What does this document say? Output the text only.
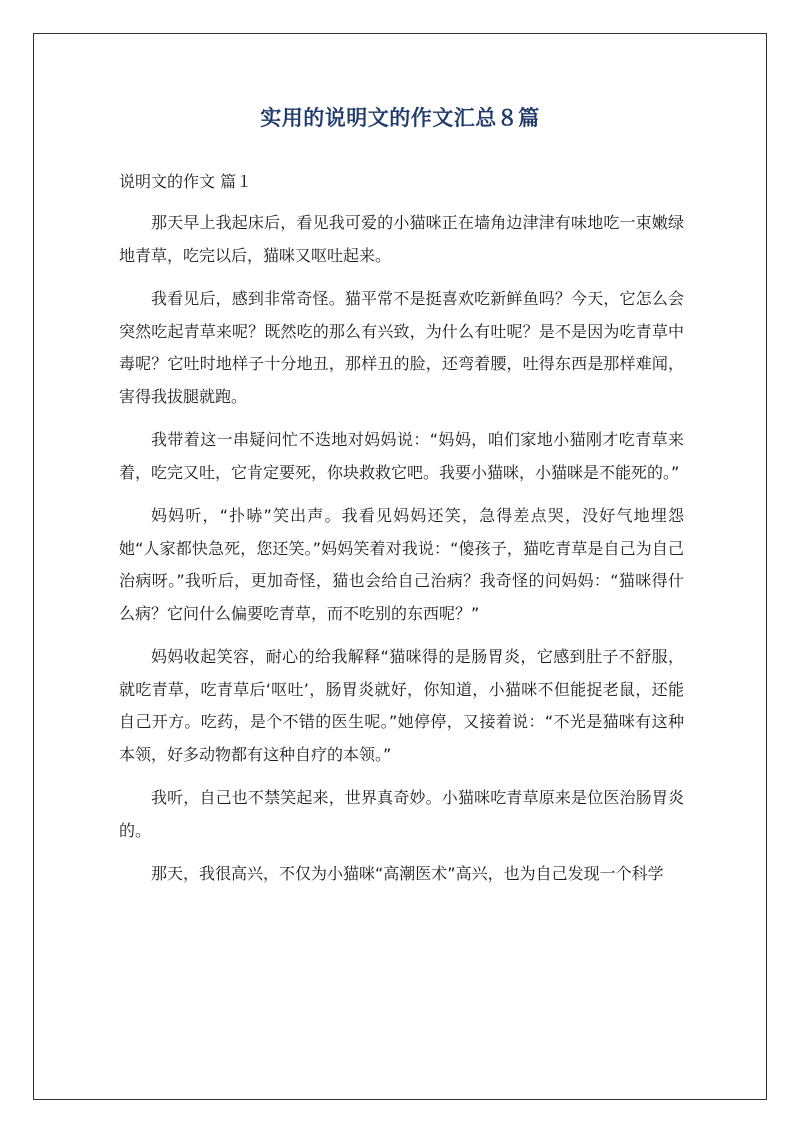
实用的说明文的作文汇总８篇

说明文的作文 篇１

那天早上我起床后，看见我可爱的小猫咪正在墙角边津津有味地吃一束嫩绿地青草，吃完以后，猫咪又呕吐起来。

我看见后，感到非常奇怪。猫平常不是挺喜欢吃新鲜鱼吗？今天，它怎么会突然吃起青草来呢？既然吃的那么有兴致，为什么有吐呢？是不是因为吃青草中毒呢？它吐时地样子十分地丑，那样丑的脸，还弯着腰，吐得东西是那样难闻，害得我拔腿就跑。

我带着这一串疑问忙不迭地对妈妈说：“妈妈，咱们家地小猫刚才吃青草来着，吃完又吐，它肯定要死，你块救救它吧。我要小猫咪，小猫咪是不能死的。”

妈妈听，“扑哧”笑出声。我看见妈妈还笑，急得差点哭，没好气地埋怨她“人家都快急死，您还笑。”妈妈笑着对我说：“傻孩子，猫吃青草是自己为自己治病呀。”我听后，更加奇怪，猫也会给自己治病？我奇怪的问妈妈：“猫咪得什么病？它问什么偏要吃青草，而不吃别的东西呢？”

妈妈收起笑容，耐心的给我解释“猫咪得的是肠胃炎，它感到肚子不舒服，就吃青草，吃青草后‘呕吐’，肠胃炎就好，你知道，小猫咪不但能捉老鼠，还能自己开方。吃药，是个不错的医生呢。”她停停，又接着说：“不光是猫咪有这种本领，好多动物都有这种自疗的本领。”

我听，自己也不禁笑起来，世界真奇妙。小猫咪吃青草原来是位医治肠胃炎的。

那天，我很高兴，不仅为小猫咪“高潮医术”高兴，也为自己发现一个科学
